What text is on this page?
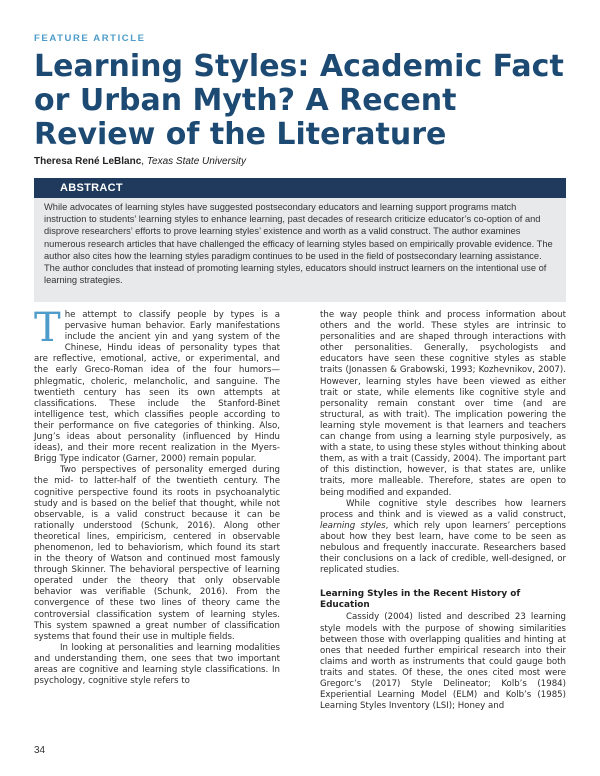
FEATURE ARTICLE
Learning Styles: Academic Fact or Urban Myth? A Recent Review of the Literature
Theresa René LeBlanc, Texas State University
ABSTRACT
While advocates of learning styles have suggested postsecondary educators and learning support programs match instruction to students’ learning styles to enhance learning, past decades of research criticize educator’s co-option of and disprove researchers’ efforts to prove learning styles’ existence and worth as a valid construct. The author examines numerous research articles that have challenged the efficacy of learning styles based on empirically provable evidence. The author also cites how the learning styles paradigm continues to be used in the field of postsecondary learning assistance. The author concludes that instead of promoting learning styles, educators should instruct learners on the intentional use of learning strategies.

The attempt to classify people by types is a pervasive human behavior. Early manifestations include the ancient yin and yang system of the Chinese, Hindu ideas of personality types that are reflective, emotional, active, or experimental, and the early Greco-Roman idea of the four humors—phlegmatic, choleric, melancholic, and sanguine. The twentieth century has seen its own attempts at classifications. These include the Stanford-Binet intelligence test, which classifies people according to their performance on five categories of thinking. Also, Jung’s ideas about personality (influenced by Hindu ideas), and their more recent realization in the Myers-Brigg Type indicator (Garner, 2000) remain popular.

Two perspectives of personality emerged during the mid- to latter-half of the twentieth century. The cognitive perspective found its roots in psychoanalytic study and is based on the belief that thought, while not observable, is a valid construct because it can be rationally understood (Schunk, 2016). Along other theoretical lines, empiricism, centered in observable phenomenon, led to behaviorism, which found its start in the theory of Watson and continued most famously through Skinner. The behavioral perspective of learning operated under the theory that only observable behavior was verifiable (Schunk, 2016). From the convergence of these two lines of theory came the controversial classification system of learning styles. This system spawned a great number of classification systems that found their use in multiple fields.

In looking at personalities and learning modalities and understanding them, one sees that two important areas are cognitive and learning style classifications. In psychology, cognitive style refers to

the way people think and process information about others and the world. These styles are intrinsic to personalities and are shaped through interactions with other personalities. Generally, psychologists and educators have seen these cognitive styles as stable traits (Jonassen & Grabowski, 1993; Kozhevnikov, 2007). However, learning styles have been viewed as either trait or state, while elements like cognitive style and personality remain constant over time (and are structural, as with trait). The implication powering the learning style movement is that learners and teachers can change from using a learning style purposively, as with a state, to using these styles without thinking about them, as with a trait (Cassidy, 2004). The important part of this distinction, however, is that states are, unlike traits, more malleable. Therefore, states are open to being modified and expanded.

While cognitive style describes how learners process and think and is viewed as a valid construct, learning styles, which rely upon learners’ perceptions about how they best learn, have come to be seen as nebulous and frequently inaccurate. Researchers based their conclusions on a lack of credible, well-designed, or replicated studies.

Learning Styles in the Recent History of Education

Cassidy (2004) listed and described 23 learning style models with the purpose of showing similarities between those with overlapping qualities and hinting at ones that needed further empirical research into their claims and worth as instruments that could gauge both traits and states. Of these, the ones cited most were Gregorc’s (2017) Style Delineator; Kolb’s (1984) Experiential Learning Model (ELM) and Kolb’s (1985) Learning Styles Inventory (LSI); Honey and

34
